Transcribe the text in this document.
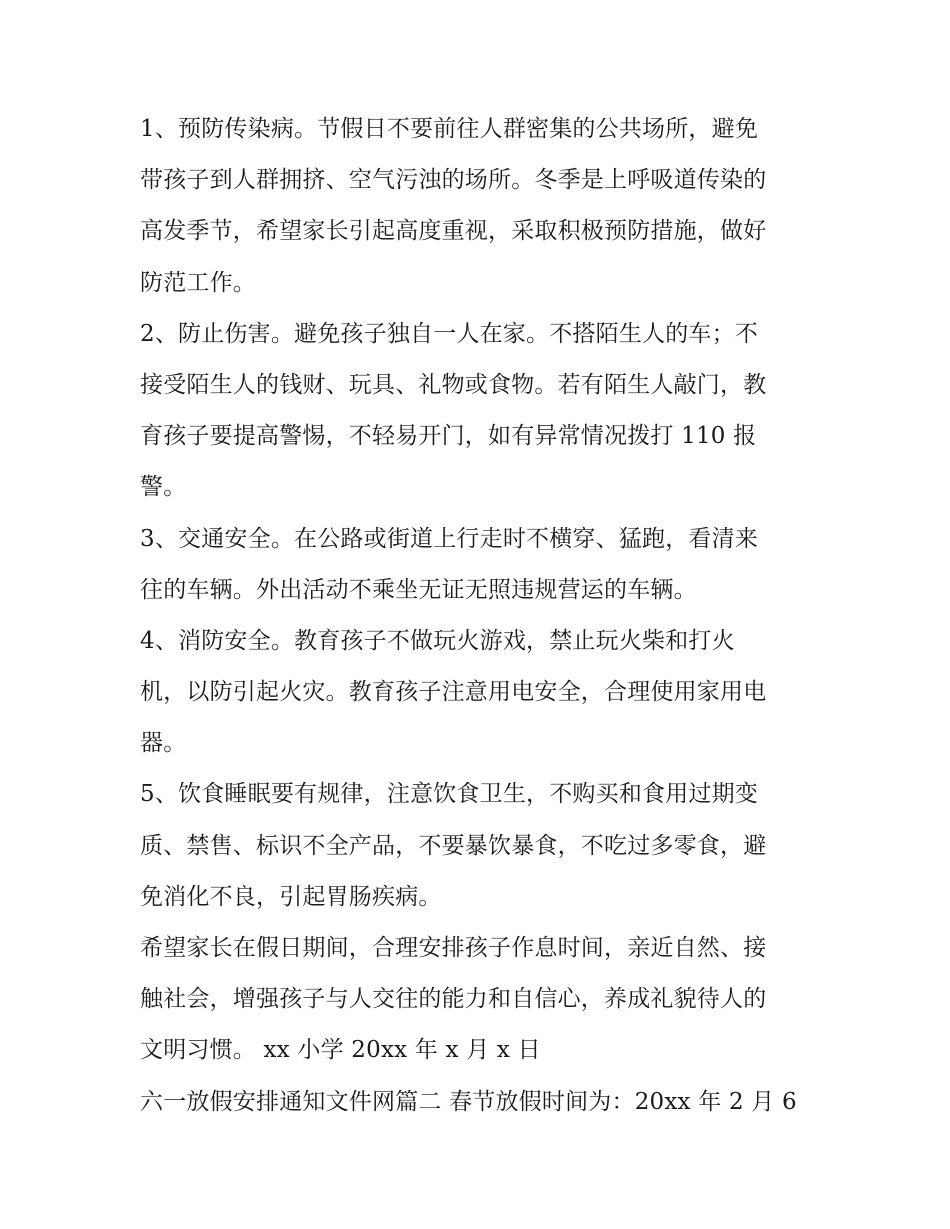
1、预防传染病。节假日不要前往人群密集的公共场所，避免
带孩子到人群拥挤、空气污浊的场所。冬季是上呼吸道传染的
高发季节，希望家长引起高度重视，采取积极预防措施，做好
防范工作。
2、防止伤害。避免孩子独自一人在家。不搭陌生人的车；不
接受陌生人的钱财、玩具、礼物或食物。若有陌生人敲门，教
育孩子要提高警惕，不轻易开门，如有异常情况拨打 110 报
警。
3、交通安全。在公路或街道上行走时不横穿、猛跑，看清来
往的车辆。外出活动不乘坐无证无照违规营运的车辆。
4、消防安全。教育孩子不做玩火游戏，禁止玩火柴和打火
机，以防引起火灾。教育孩子注意用电安全，合理使用家用电
器。
5、饮食睡眠要有规律，注意饮食卫生，不购买和食用过期变
质、禁售、标识不全产品，不要暴饮暴食，不吃过多零食，避
免消化不良，引起胃肠疾病。
希望家长在假日期间，合理安排孩子作息时间，亲近自然、接
触社会，增强孩子与人交往的能力和自信心，养成礼貌待人的
文明习惯。 xx 小学 20xx 年 x 月 x 日
六一放假安排通知文件网篇二 春节放假时间为：20xx 年 2 月 6
